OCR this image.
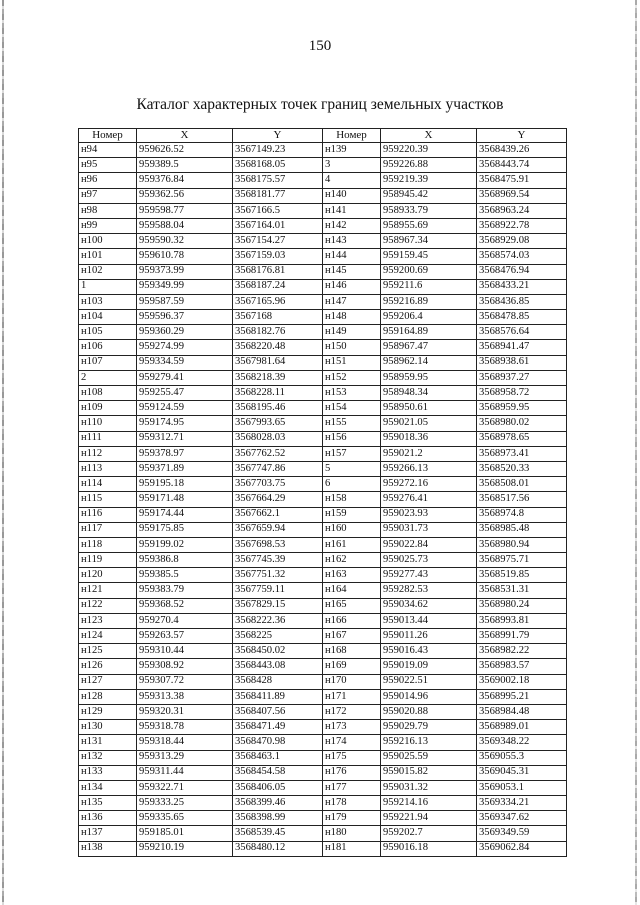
150
Каталог характерных точек границ земельных участков
Номер	X	Y	Номер	X	Y
н94	959626.52	3567149.23	н139	959220.39	3568439.26
н95	959389.5	3568168.05	3	959226.88	3568443.74
н96	959376.84	3568175.57	4	959219.39	3568475.91
н97	959362.56	3568181.77	н140	958945.42	3568969.54
н98	959598.77	3567166.5	н141	958933.79	3568963.24
н99	959588.04	3567164.01	н142	958955.69	3568922.78
н100	959590.32	3567154.27	н143	958967.34	3568929.08
н101	959610.78	3567159.03	н144	959159.45	3568574.03
н102	959373.99	3568176.81	н145	959200.69	3568476.94
1	959349.99	3568187.24	н146	959211.6	3568433.21
н103	959587.59	3567165.96	н147	959216.89	3568436.85
н104	959596.37	3567168	н148	959206.4	3568478.85
н105	959360.29	3568182.76	н149	959164.89	3568576.64
н106	959274.99	3568220.48	н150	958967.47	3568941.47
н107	959334.59	3567981.64	н151	958962.14	3568938.61
2	959279.41	3568218.39	н152	958959.95	3568937.27
н108	959255.47	3568228.11	н153	958948.34	3568958.72
н109	959124.59	3568195.46	н154	958950.61	3568959.95
н110	959174.95	3567993.65	н155	959021.05	3568980.02
н111	959312.71	3568028.03	н156	959018.36	3568978.65
н112	959378.97	3567762.52	н157	959021.2	3568973.41
н113	959371.89	3567747.86	5	959266.13	3568520.33
н114	959195.18	3567703.75	6	959272.16	3568508.01
н115	959171.48	3567664.29	н158	959276.41	3568517.56
н116	959174.44	3567662.1	н159	959023.93	3568974.8
н117	959175.85	3567659.94	н160	959031.73	3568985.48
н118	959199.02	3567698.53	н161	959022.84	3568980.94
н119	959386.8	3567745.39	н162	959025.73	3568975.71
н120	959385.5	3567751.32	н163	959277.43	3568519.85
н121	959383.79	3567759.11	н164	959282.53	3568531.31
н122	959368.52	3567829.15	н165	959034.62	3568980.24
н123	959270.4	3568222.36	н166	959013.44	3568993.81
н124	959263.57	3568225	н167	959011.26	3568991.79
н125	959310.44	3568450.02	н168	959016.43	3568982.22
н126	959308.92	3568443.08	н169	959019.09	3568983.57
н127	959307.72	3568428	н170	959022.51	3569002.18
н128	959313.38	3568411.89	н171	959014.96	3568995.21
н129	959320.31	3568407.56	н172	959020.88	3568984.48
н130	959318.78	3568471.49	н173	959029.79	3568989.01
н131	959318.44	3568470.98	н174	959216.13	3569348.22
н132	959313.29	3568463.1	н175	959025.59	3569055.3
н133	959311.44	3568454.58	н176	959015.82	3569045.31
н134	959322.71	3568406.05	н177	959031.32	3569053.1
н135	959333.25	3568399.46	н178	959214.16	3569334.21
н136	959335.65	3568398.99	н179	959221.94	3569347.62
н137	959185.01	3568539.45	н180	959202.7	3569349.59
н138	959210.19	3568480.12	н181	959016.18	3569062.84
